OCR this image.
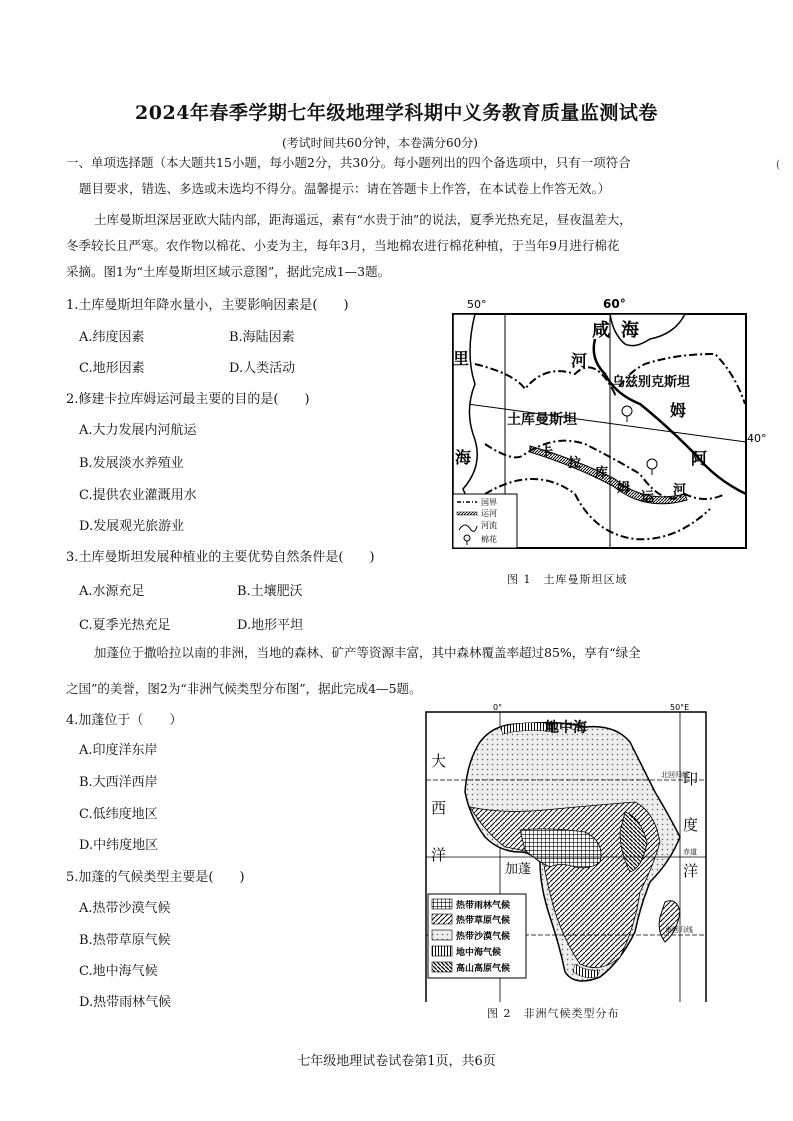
2024年春季学期七年级地理学科期中义务教育质量监测试卷
(考试时间共60分钟，本卷满分60分)
(
一、单项选择题（本大题共15小题，每小题2分，共30分。每小题列出的四个备选项中，只有一项符合
题目要求，错选、多选或未选均不得分。温馨提示：请在答题卡上作答，在本试卷上作答无效。）
土库曼斯坦深居亚欧大陆内部，距海遥远，素有“水贵于油”的说法，夏季光热充足，昼夜温差大，
冬季较长且严寒。农作物以棉花、小麦为主，每年3月，当地棉农进行棉花种植，于当年9月进行棉花
采摘。图1为“土库曼斯坦区域示意图”，据此完成1—3题。
1.土库曼斯坦年降水量小，主要影响因素是(　　)
A.纬度因素	B.海陆因素
C.地形因素	D.人类活动
2.修建卡拉库姆运河最主要的目的是(　　)
A.大力发展内河航运
B.发展淡水养殖业
C.提供农业灌溉用水
D.发展观光旅游业
3.土库曼斯坦发展种植业的主要优势自然条件是(　　)
A.水源充足	B.土壤肥沃
C.夏季光热充足	D.地形平坦
加蓬位于撒哈拉以南的非洲，当地的森林、矿产等资源丰富，其中森林覆盖率超过85%，享有“绿全
之国”的美誉，图2为“非洲气候类型分布图”，据此完成4—5题。
4.加蓬位于（　　）
A.印度洋东岸
B.大西洋西岸
C.低纬度地区
D.中纬度地区
5.加蓬的气候类型主要是(　　)
A.热带沙漠气候
B.热带草原气候
C.地中海气候
D.热带雨林气候
50°	60°
40°
咸 海
里
海
河
乌兹别克斯坦
姆
土库曼斯坦
卡
拉
库
姆
运 河
阿
国界
运河
河流
棉花
图 1　土库曼斯坦区域
0°	50°E
北回归线
赤道
南回归线
地中海
大
西
洋
印
度
洋
加蓬
热带雨林气候
热带草原气候
热带沙漠气候
地中海气候
高山高原气候
图 2　非洲气候类型分布
七年级地理试卷试卷第1页，共6页
